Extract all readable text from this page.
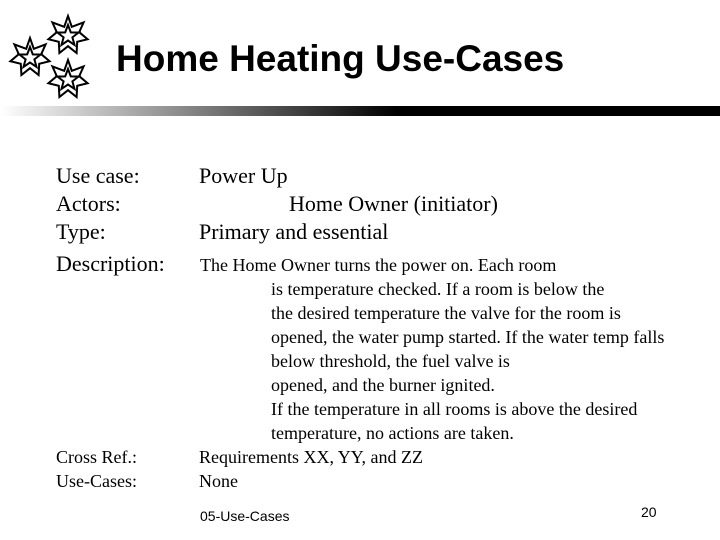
Home Heating Use-Cases
Use case:	Power Up
Actors:	Home Owner (initiator)
Type:	Primary and essential
Description: The Home Owner turns the power on. Each room
is temperature checked. If a room is below the
the desired temperature the valve for the room is
opened, the water pump started. If the water temp falls
below threshold, the fuel valve is
opened, and the burner ignited.
If the temperature in all rooms is above the desired
temperature, no actions are taken.
Cross Ref.:	Requirements XX, YY, and ZZ
Use-Cases:	None
05-Use-Cases	20
